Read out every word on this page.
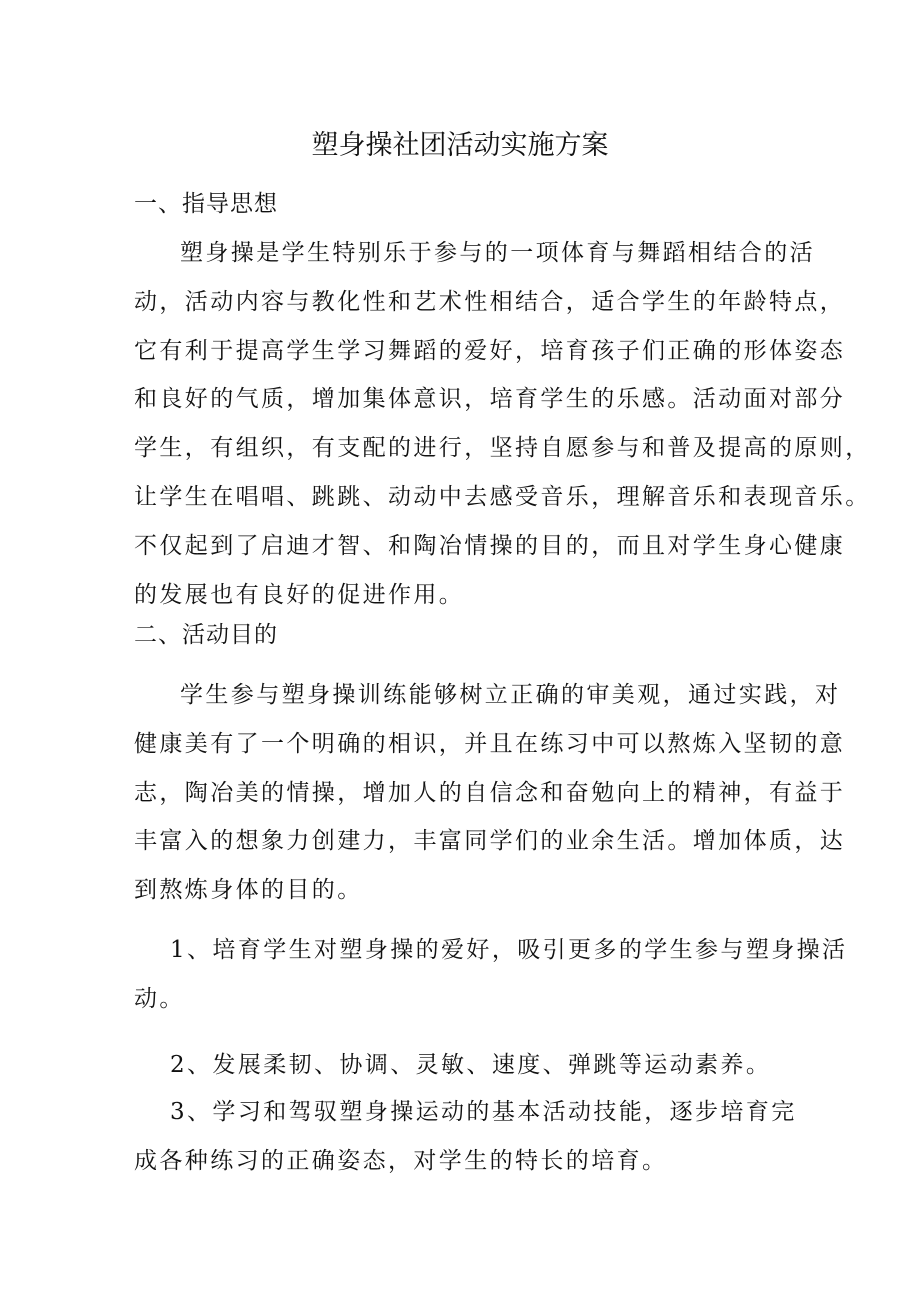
塑身操社团活动实施方案
一、指导思想
塑身操是学生特别乐于参与的一项体育与舞蹈相结合的活
动，活动内容与教化性和艺术性相结合，适合学生的年龄特点，
它有利于提高学生学习舞蹈的爱好，培育孩子们正确的形体姿态
和良好的气质，增加集体意识，培育学生的乐感。活动面对部分
学生，有组织，有支配的进行，坚持自愿参与和普及提高的原则，
让学生在唱唱、跳跳、动动中去感受音乐，理解音乐和表现音乐。
不仅起到了启迪才智、和陶冶情操的目的，而且对学生身心健康
的发展也有良好的促进作用。
二、活动目的
学生参与塑身操训练能够树立正确的审美观，通过实践，对
健康美有了一个明确的相识，并且在练习中可以熬炼入坚韧的意
志，陶冶美的情操，增加人的自信念和奋勉向上的精神，有益于
丰富入的想象力创建力，丰富同学们的业余生活。增加体质，达
到熬炼身体的目的。
1、培育学生对塑身操的爱好，吸引更多的学生参与塑身操活
动。
2、发展柔韧、协调、灵敏、速度、弹跳等运动素养。
3、学习和驾驭塑身操运动的基本活动技能，逐步培育完
成各种练习的正确姿态，对学生的特长的培育。
